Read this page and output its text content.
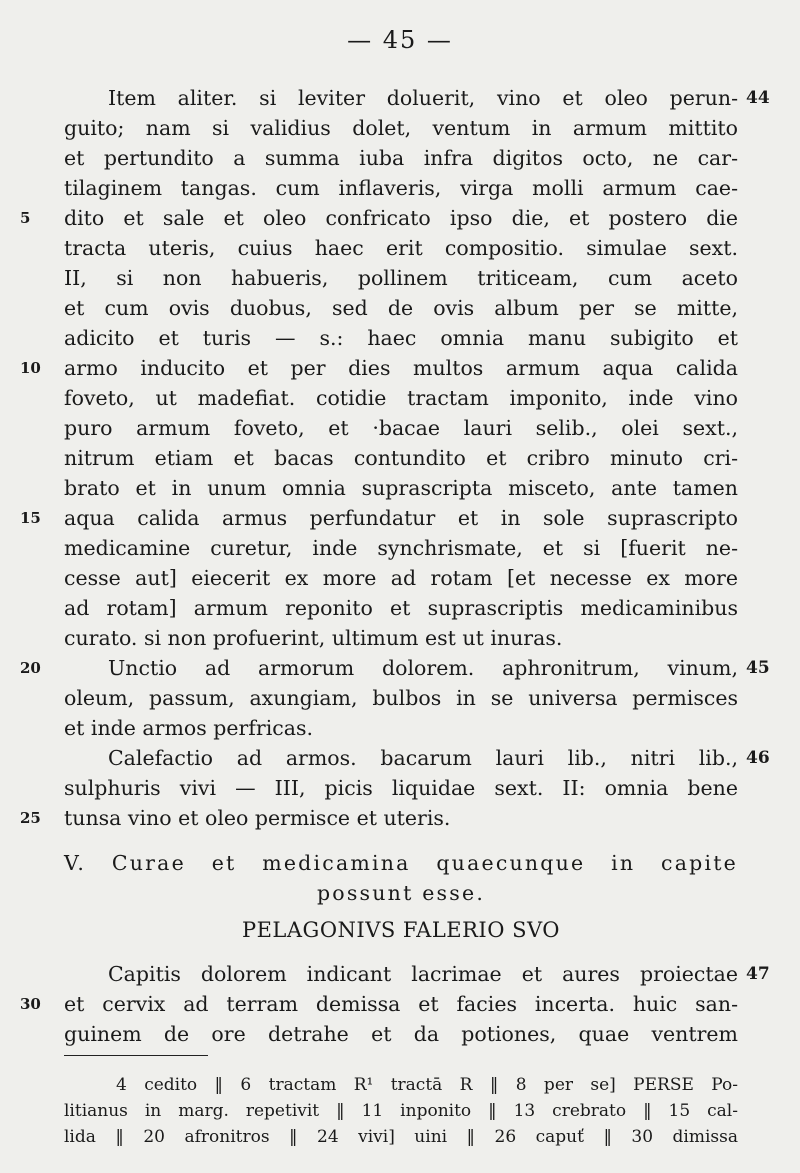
— 45 —
Item aliter. si leviter doluerit, vino et oleo perun- 44
guito; nam si validius dolet, ventum in armum mittito
et pertundito a summa iuba infra digitos octo, ne car-
tilaginem tangas. cum inflaveris, virga molli armum cae-
5	dito et sale et oleo confricato ipso die, et postero die
tracta uteris, cuius haec erit compositio. simulae sext.
II, si non habueris, pollinem triticeam, cum aceto
et cum ovis duobus, sed de ovis album per se mitte,
adicito et turis — s.: haec omnia manu subigito et
10	armo inducito et per dies multos armum aqua calida
foveto, ut madefiat. cotidie tractam imponito, inde vino
puro armum foveto, et ·bacae lauri selib., olei sext.,
nitrum etiam et bacas contundito et cribro minuto cri-
brato et in unum omnia suprascripta misceto, ante tamen
15	aqua calida armus perfundatur et in sole suprascripto
medicamine curetur, inde synchrismate, et si [fuerit ne-
cesse aut] eiecerit ex more ad rotam [et necesse ex more
ad rotam] armum reponito et suprascriptis medicaminibus
curato. si non profuerint, ultimum est ut inuras.
20	Unctio ad armorum dolorem. aphronitrum, vinum, 45
oleum, passum, axungiam, bulbos in se universa permisces
et inde armos perfricas.
Calefactio ad armos. bacarum lauri lib., nitri lib., 46
sulphuris vivi — III, picis liquidae sext. II: omnia bene
25	tunsa vino et oleo permisce et uteris.
V. Curae et medicamina quaecunque in capite
possunt esse.
PELAGONIVS FALERIO SVO
Capitis dolorem indicant lacrimae et aures proiectae 47
30	et cervix ad terram demissa et facies incerta. huic san-
guinem de ore detrahe et da potiones, quae ventrem
4 cedito ‖ 6 tractam R¹ tractā R ‖ 8 per se] PERSE Po-
litianus in marg. repetivit ‖ 11 inponito ‖ 13 crebrato ‖ 15 cal-
lida ‖ 20 afronitros ‖ 24 vivi] uini ‖ 26 capuť ‖ 30 dimissa
